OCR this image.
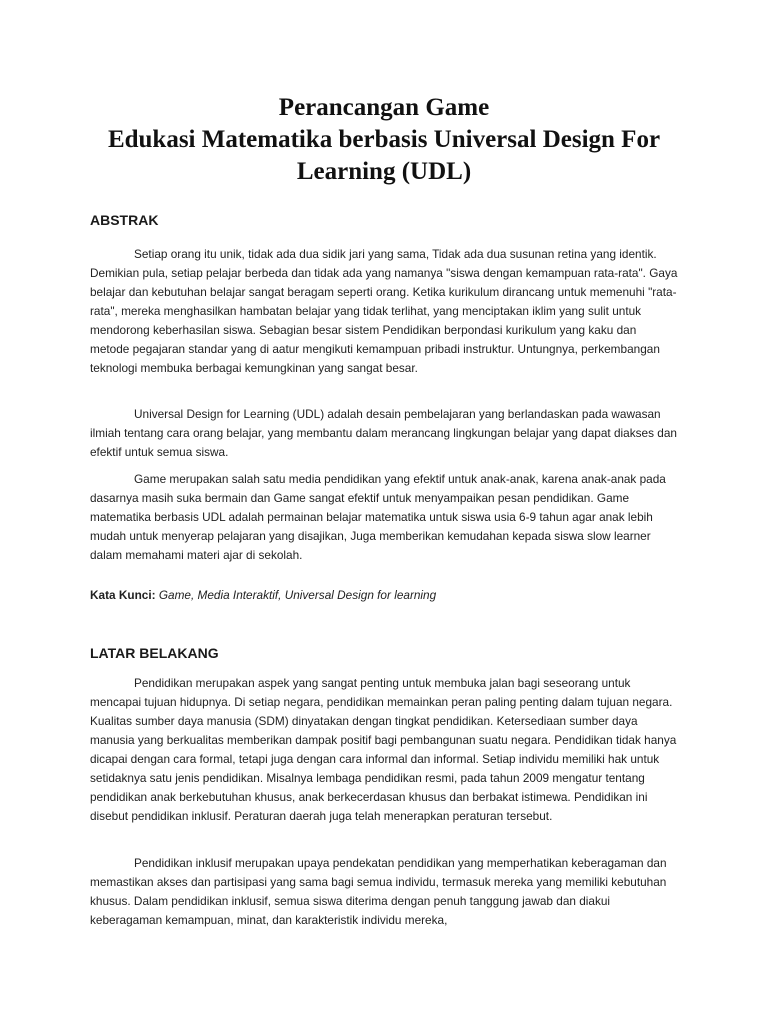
Perancangan Game
Edukasi Matematika berbasis Universal Design For
Learning (UDL)
ABSTRAK

Setiap orang itu unik, tidak ada dua sidik jari yang sama, Tidak ada dua susunan retina yang identik. Demikian pula, setiap pelajar berbeda dan tidak ada yang namanya "siswa dengan kemampuan rata-rata". Gaya belajar dan kebutuhan belajar sangat beragam seperti orang. Ketika kurikulum dirancang untuk memenuhi "rata-rata", mereka menghasilkan hambatan belajar yang tidak terlihat, yang menciptakan iklim yang sulit untuk mendorong keberhasilan siswa. Sebagian besar sistem Pendidikan berpondasi kurikulum yang kaku dan metode pegajaran standar yang di aatur mengikuti kemampuan pribadi instruktur. Untungnya, perkembangan teknologi membuka berbagai kemungkinan yang sangat besar.

Universal Design for Learning (UDL) adalah desain pembelajaran yang berlandaskan pada wawasan ilmiah tentang cara orang belajar, yang membantu dalam merancang lingkungan belajar yang dapat diakses dan efektif untuk semua siswa.

Game merupakan salah satu media pendidikan yang efektif untuk anak-anak, karena anak-anak pada dasarnya masih suka bermain dan Game sangat efektif untuk menyampaikan pesan pendidikan. Game matematika berbasis UDL adalah permainan belajar matematika untuk siswa usia 6-9 tahun agar anak lebih mudah untuk menyerap pelajaran yang disajikan, Juga memberikan kemudahan kepada siswa slow learner dalam memahami materi ajar di sekolah.

Kata Kunci: Game, Media Interaktif, Universal Design for learning

LATAR BELAKANG

Pendidikan merupakan aspek yang sangat penting untuk membuka jalan bagi seseorang untuk mencapai tujuan hidupnya. Di setiap negara, pendidikan memainkan peran paling penting dalam tujuan negara. Kualitas sumber daya manusia (SDM) dinyatakan dengan tingkat pendidikan. Ketersediaan sumber daya manusia yang berkualitas memberikan dampak positif bagi pembangunan suatu negara. Pendidikan tidak hanya dicapai dengan cara formal, tetapi juga dengan cara informal dan informal. Setiap individu memiliki hak untuk setidaknya satu jenis pendidikan. Misalnya lembaga pendidikan resmi, pada tahun 2009 mengatur tentang pendidikan anak berkebutuhan khusus, anak berkecerdasan khusus dan berbakat istimewa. Pendidikan ini disebut pendidikan inklusif. Peraturan daerah juga telah menerapkan peraturan tersebut.

Pendidikan inklusif merupakan upaya pendekatan pendidikan yang memperhatikan keberagaman dan memastikan akses dan partisipasi yang sama bagi semua individu, termasuk mereka yang memiliki kebutuhan khusus. Dalam pendidikan inklusif, semua siswa diterima dengan penuh tanggung jawab dan diakui keberagaman kemampuan, minat, dan karakteristik individu mereka,
